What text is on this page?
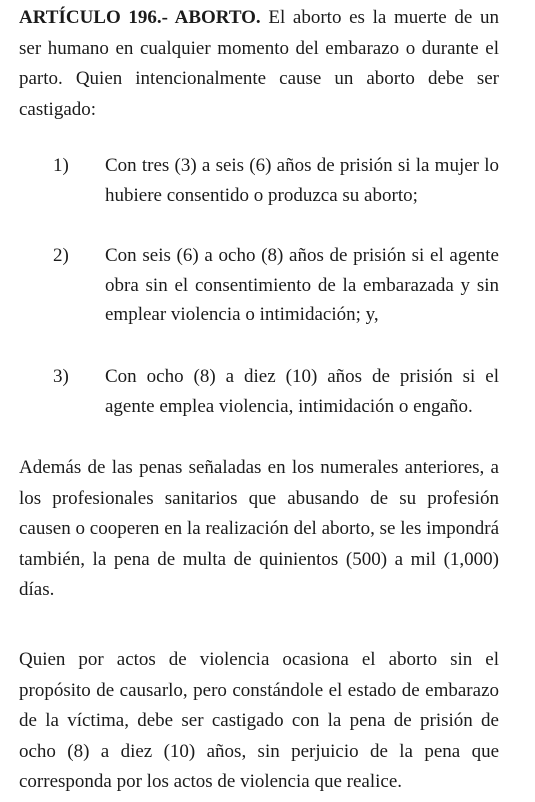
ARTÍCULO 196.- ABORTO. El aborto es la muerte de un ser humano en cualquier momento del embarazo o durante el parto. Quien intencionalmente cause un aborto debe ser castigado:

1)	Con tres (3) a seis (6) años de prisión si la mujer lo hubiere consentido o produzca su aborto;

2)	Con seis (6) a ocho (8) años de prisión si el agente obra sin el consentimiento de la embarazada y sin emplear violencia o intimidación; y,

3)	Con ocho (8) a diez (10) años de prisión si el agente emplea violencia, intimidación o engaño.

Además de las penas señaladas en los numerales anteriores, a los profesionales sanitarios que abusando de su profesión causen o cooperen en la realización del aborto, se les impondrá también, la pena de multa de quinientos (500) a mil (1,000) días.

Quien por actos de violencia ocasiona el aborto sin el propósito de causarlo, pero constándole el estado de embarazo de la víctima, debe ser castigado con la pena de prisión de ocho (8) a diez (10) años, sin perjuicio de la pena que corresponda por los actos de violencia que realice.
